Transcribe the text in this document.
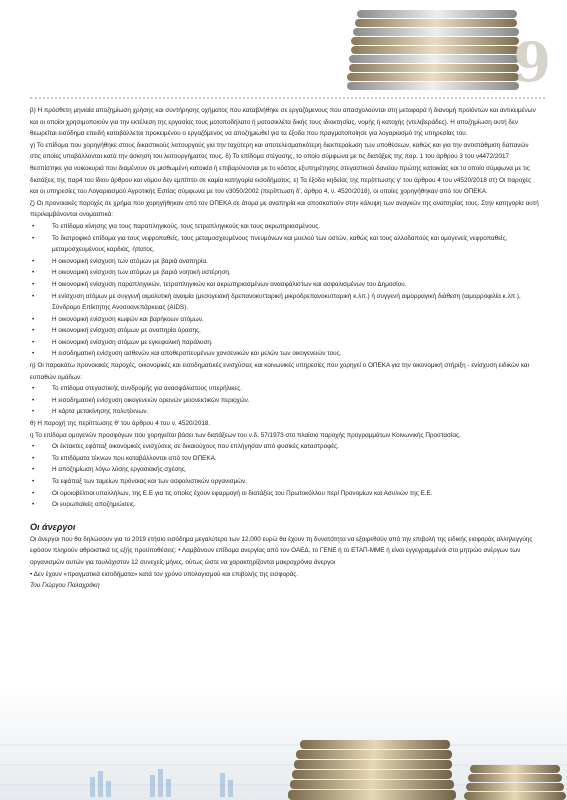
9

β) Η πρόσθετη μηνιαία αποζημίωση χρήσης και συντήρησης οχήματος που καταβλήθηκε σε εργαζόμενους που απασχολούνται στη μεταφορά ή διανομή προϊόντων και αντικειμένων και οι οποίοι χρησιμοποιούν για την εκτέλεση της εργασίας τους μοτοποδήλατο ή μοτοσικλέτα δικής τους ιδιοκτησίας, νομής ή κατοχής (ντελιβεράδες). Η αποζημίωση αυτή δεν θεωρείται εισόδημα επειδή καταβάλλεται προκειμένου ο εργαζόμενος να αποζημιωθεί για τα έξοδα που πραγματοποίησε για λογαριασμό της υπηρεσίας του.

γ) Το επίδομα που χορηγήθηκε στους δικαστικούς λειτουργούς για την ταχύτερη και αποτελεσματικότερη διεκπεραίωση των υποθέσεων, καθώς και για την αντιστάθμιση δαπανών στις οποίες υποβάλλονται κατά την άσκηση του λειτουργήματος τους. δ) Το επίδομα στέγασης, το οποίο σύμφωνα με τις διατάξεις της παρ. 1 του άρθρου 3 του ν4472/2017 θεσπίστηκε για νοικοκυριά που διαμένουν σε μισθωμένη κατοικία ή επιβαρύνονται με το κόστος εξυπηρέτησης στεγαστικού δανείου πρώτης κατοικίας και το οποίο σύμφωνα με τις διατάξεις της παρ4 του ίδιου άρθρου και νόμου δεν εμπίπτει σε καμία κατηγορία εισοδήματος. ε) Τα έξοδα κηδείας της περίπτωσης γ' του άρθρου 4 του ν4520/2018 στ) Οι παροχές και οι υπηρεσίες του Λογαριασμού Αγροτικής Εστίας σύμφωνα με τον ν3050/2002 (περίπτωση δ', άρθρο 4, ν. 4520/2018), οι οποίες χορηγήθηκαν από τον ΟΠΕΚΑ.

ζ) Οι προνοιακές παροχές σε χρήμα που χορηγήθηκαν από τον ΟΠΕΚΑ σε άτομα με αναπηρία και αποσκοπούν στην κάλυψη των αναγκών της αναπηρίας τους. Στην κατηγορία αυτή περιλαμβάνονται ονομαστικά:

• Το επίδομα κίνησης για τους παραπληγικούς, τους τετραπληγικούς και τους ακρωτηριασμένους.

• Το διατροφικό επίδομα για τους νεφροπαθείς, τους μεταμοσχευμένους πνευμόνων και μυελού των οστών, καθώς και τους αλλοδαπούς και ομογενείς νεφροπαθείς, μεταμοσχευμένους καρδιάς, ήπατος.

• Η οικονομική ενίσχυση των ατόμων με βαριά αναπηρία.

• Η οικονομική ενίσχυση των ατόμων με βαριά νοητική υστέρηση.

• Η οικονομική ενίσχυση παραπληγικών, τετραπληγικών και ακρωτηριασμένων ανασφάλιστων και ασφαλισμένων του Δημοσίου.

• Η ενίσχυση ατόμων με συγγενή αιμολυτική αναιμία (μεσογειακή δρεπανοκυτταρική μικροδρεπανοκυτταρική κ.λπ.) ή συγγενή αιμορραγική διάθεση (αιμορροφιλία κ.λπ.), Σύνδρομο Επίκτητης Ανοσοανεπάρκειας (AIDS).

• Η οικονομική ενίσχυση κωφών και βαρήκοων ατόμων.

• Η οικονομική ενίσχυση ατόμων με αναπηρία όρασης.

• Η οικονομική ενίσχυση ατόμων με εγκεφαλική παράλυση.

• Η εισοδηματική ενίσχυση ασθενών και αποθεραπευμένων χανσενικών και μελών των οικογενειών τους.

η) Οι παρακάτω προνοιακές παροχές, οικονομικές και εισοδηματικές ενισχύσεις και κοινωνικές υπηρεσίες που χορηγεί ο ΟΠΕΚΑ για την οικονομική στήριξη - ενίσχυση ειδικών και ευπαθών ομάδων:

• Το επίδομα στεγαστικής συνδρομής για ανασφάλιστους υπερήλικες.

• Η εισοδηματική ενίσχυση οικογενειών ορεινών μειονεκτικών περιοχών.

• Η κάρτα μετακίνησης πολυτέκνων.

θ) Η παροχή της περίπτωσης θ' του άρθρου 4 του ν. 4520/2018.

ι) Το επίδομα ομογενών προσφύγων που χορηγείται βάσει των διατάξεων του ν.δ. 57/1973 στο πλαίσιο παροχής προγραμμάτων Κοινωνικής Προστασίας.

• Οι έκτακτες εφάπαξ οικονομικές ενισχύσεις σε δικαιούχους που επλήγησαν από φυσικές καταστροφές.

• Τα επιδόματα τέκνων που καταβάλλονται από τον ΟΠΕΚΑ.

• Η αποζημίωση λόγω λύσης εργασιακής σχέσης.

• Τα εφάπαξ των ταμείων πρόνοιας και των ασφαλιστικών οργανισμών.

• Οι ομοιοβέλτιοι υπαλλήλων, της Ε.Ε για τις οποίες έχουν εφαρμογή οι διατάξεις του Πρωτοκόλλου περί Προνομίων και Ασυλιών της Ε.Ε.

• Οι ευρωπαϊκές αποζημιώσεις.

Οι άνεργοι

Οι άνεργοι που θα δηλώσουν για το 2019 ετήσιο εισόδημα μεγαλύτερο των 12.000 ευρώ θα έχουν τη δυνατότητα να εξαιρεθούν από την επιβολή της ειδικής εισφοράς αλληλεγγύης εφόσον πληρούν αθροιστικά τις εξής προϋποθέσεις: • Λαμβάνουν επίδομα ανεργίας από τον ΟΑΕΔ, το ΓΕΝΕ ή το ΕΤΑΠ-ΜΜΕ ή είναι εγγεγραμμένοι στο μητρώο ανέργων των οργανισμών αυτών για τουλάχιστον 12 συνεχείς μήνες, ούτως ώστε να χαρακτηρίζονται μακροχρόνια άνεργοι

• Δεν έχουν «πραγματικά εισοδήματα» κατά τον χρόνο υπολογισμού και επιβολής της εισφοράς.

Του Γιώργου Παλαχράκη
